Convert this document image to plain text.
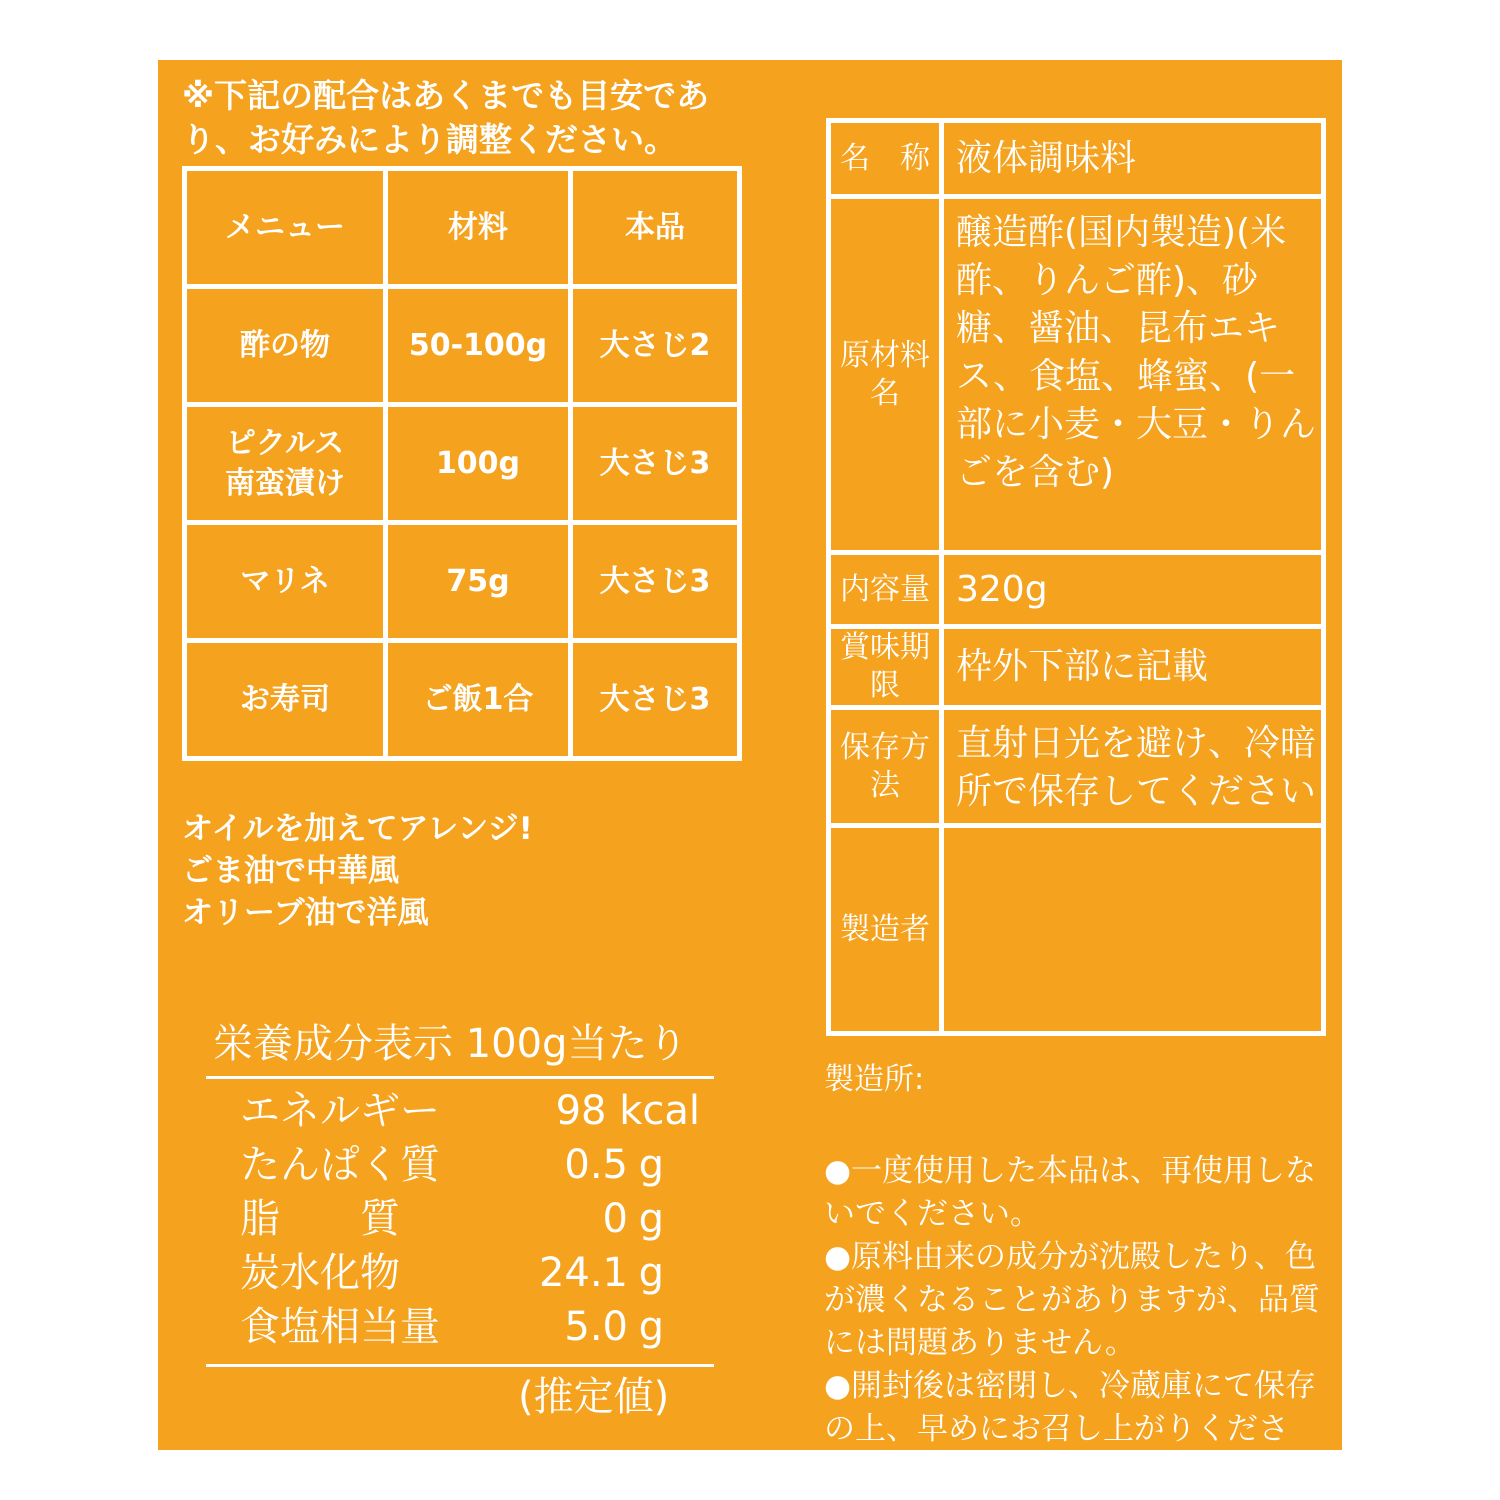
※下記の配合はあくまでも目安であり、お好みにより調整ください。
メニュー	材料	本品
酢の物	50-100g	大さじ2
ピクルス
南蛮漬け	100g	大さじ3
マリネ	75g	大さじ3
お寿司	ご飯1合	大さじ3
オイルを加えてアレンジ!
ごま油で中華風
オリーブ油で洋風
栄養成分表示 100g当たり
エネルギー	98 kcal
たんぱく質	0.5 g
脂　　質	0 g
炭水化物	24.1 g
食塩相当量	5.0 g
(推定値)
名　称	液体調味料
原材料名	醸造酢(国内製造)(米酢、りんご酢)、砂糖、醤油、昆布エキス、食塩、蜂蜜、(一部に小麦・大豆・りんごを含む)
内容量	320g
賞味期限	枠外下部に記載
保存方法	直射日光を避け、冷暗所で保存してください
製造者	
製造所:

●一度使用した本品は、再使用しないでください。

●原料由来の成分が沈殿したり、色が濃くなることがありますが、品質には問題ありません。

●開封後は密閉し、冷蔵庫にて保存の上、早めにお召し上がりください。
